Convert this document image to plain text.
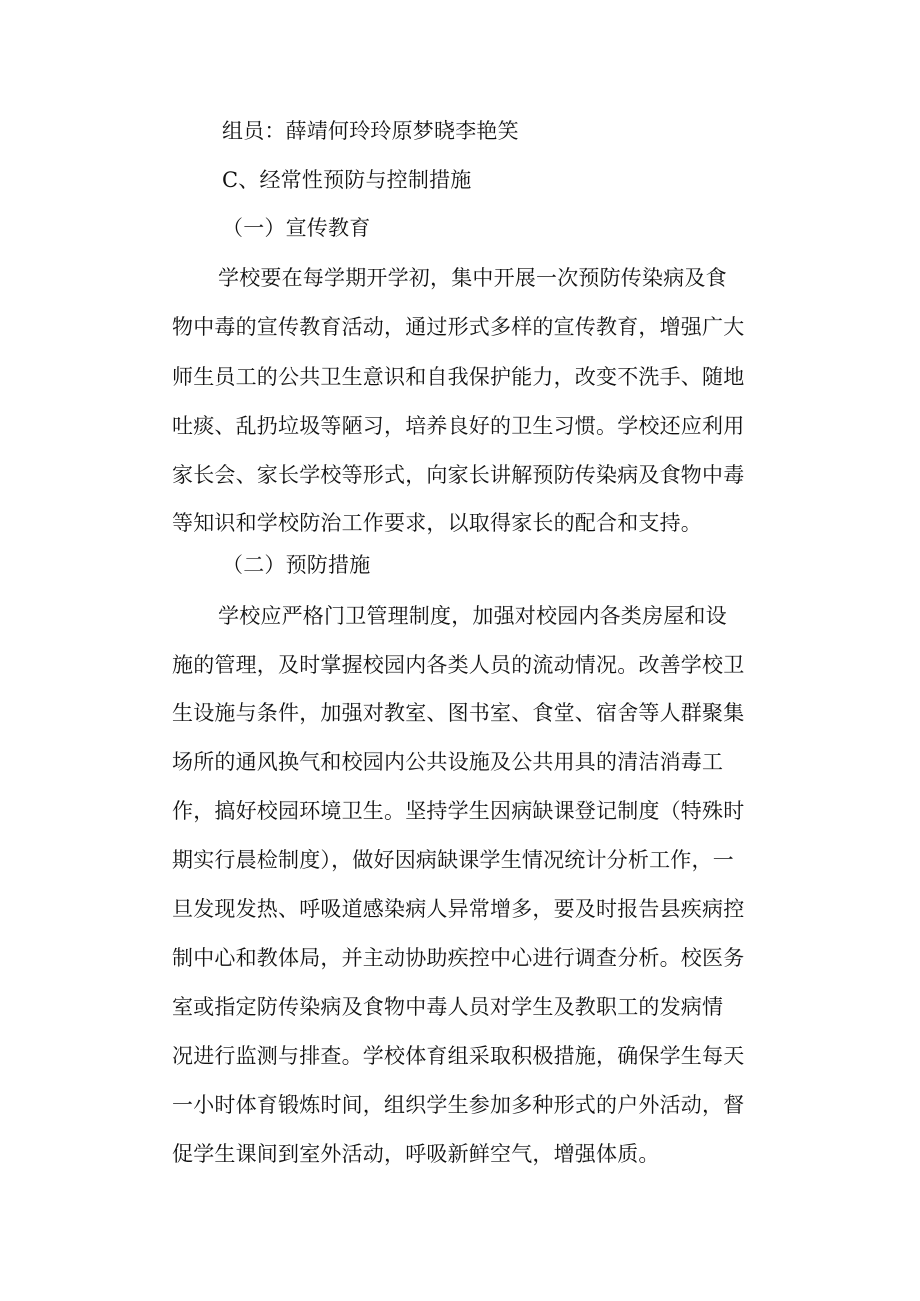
组员：薛靖何玲玲原梦晓李艳笑
C、经常性预防与控制措施
（一）宣传教育
学校要在每学期开学初，集中开展一次预防传染病及食
物中毒的宣传教育活动，通过形式多样的宣传教育，增强广大
师生员工的公共卫生意识和自我保护能力，改变不洗手、随地
吐痰、乱扔垃圾等陋习，培养良好的卫生习惯。学校还应利用
家长会、家长学校等形式，向家长讲解预防传染病及食物中毒
等知识和学校防治工作要求，以取得家长的配合和支持。
（二）预防措施
学校应严格门卫管理制度，加强对校园内各类房屋和设
施的管理，及时掌握校园内各类人员的流动情况。改善学校卫
生设施与条件，加强对教室、图书室、食堂、宿舍等人群聚集
场所的通风换气和校园内公共设施及公共用具的清洁消毒工
作，搞好校园环境卫生。坚持学生因病缺课登记制度（特殊时
期实行晨检制度），做好因病缺课学生情况统计分析工作，一
旦发现发热、呼吸道感染病人异常增多，要及时报告县疾病控
制中心和教体局，并主动协助疾控中心进行调查分析。校医务
室或指定防传染病及食物中毒人员对学生及教职工的发病情
况进行监测与排查。学校体育组采取积极措施，确保学生每天
一小时体育锻炼时间，组织学生参加多种形式的户外活动，督
促学生课间到室外活动，呼吸新鲜空气，增强体质。
